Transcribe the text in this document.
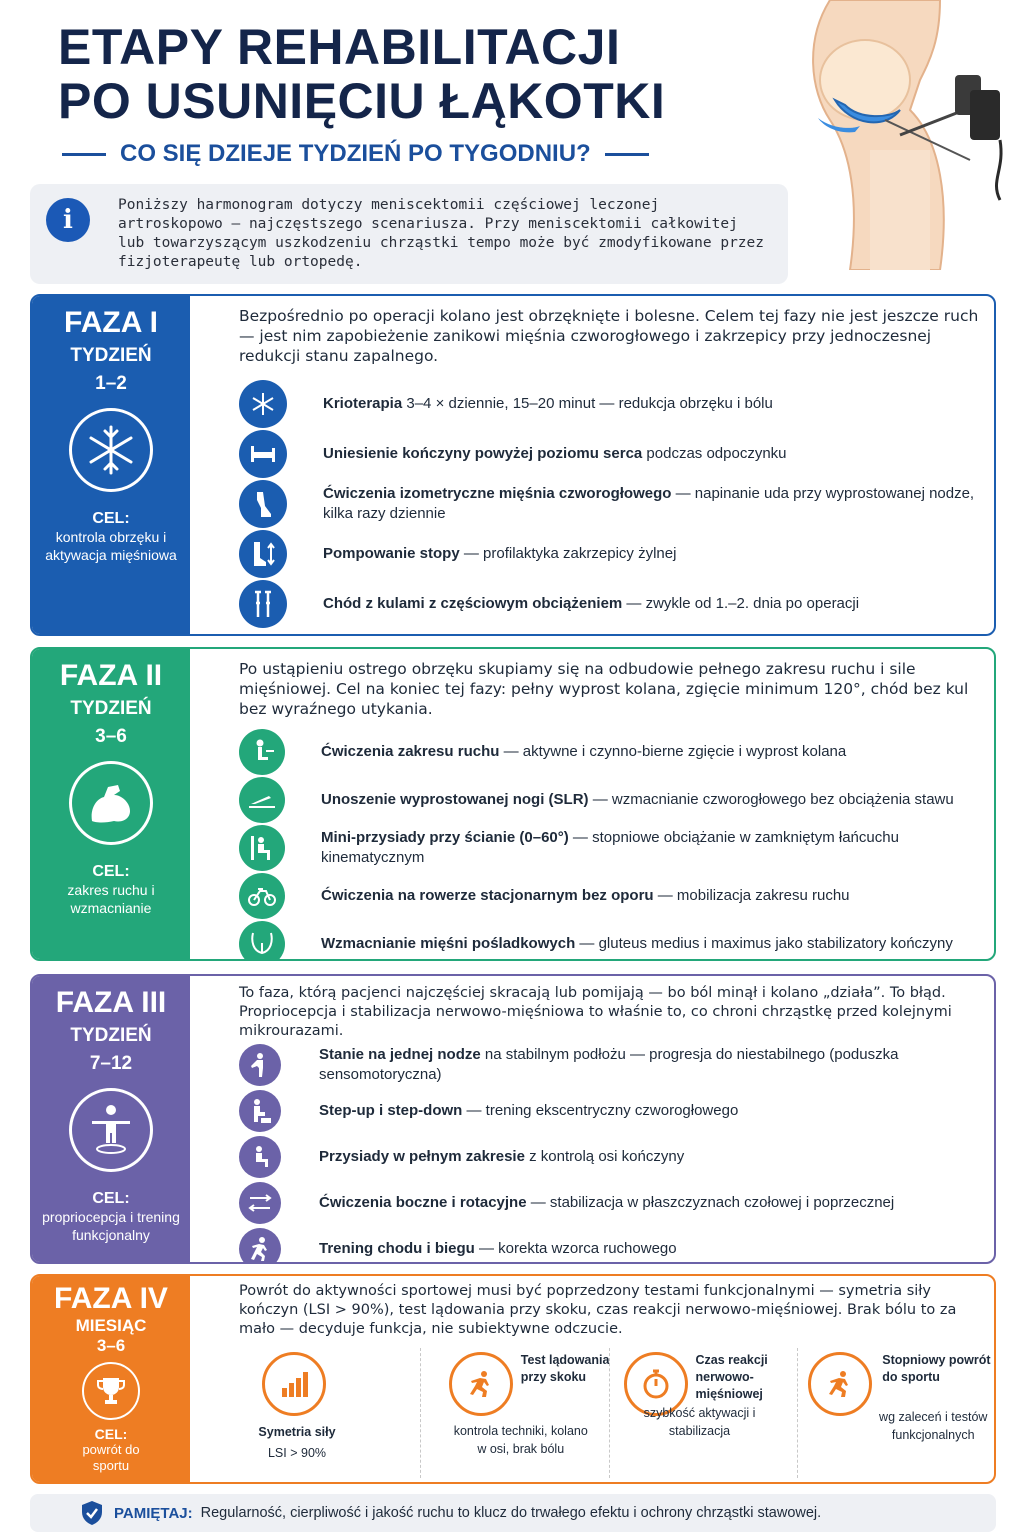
ETAPY REHABILITACJI
PO USUNIĘCIU ŁĄKOTKI
CO SIĘ DZIEJE TYDZIEŃ PO TYGODNIU?
i	Poniższy harmonogram dotyczy meniscektomii częściowej leczonej artroskopowo — najczęstszego scenariusza. Przy meniscektomii całkowitej lub towarzyszącym uszkodzeniu chrząstki tempo może być zmodyfikowane przez fizjoterapeutę lub ortopedę.
FAZA I
TYDZIEŃ
1–2
CEL:
kontrola obrzęku i aktywacja mięśniowa
Bezpośrednio po operacji kolano jest obrzęknięte i bolesne. Celem tej fazy nie jest jeszcze ruch — jest nim zapobieżenie zanikowi mięśnia czworogłowego i zakrzepicy przy jednoczesnej redukcji stanu zapalnego.
Krioterapia 3–4 × dziennie, 15–20 minut — redukcja obrzęku i bólu
Uniesienie kończyny powyżej poziomu serca podczas odpoczynku
Ćwiczenia izometryczne mięśnia czworogłowego — napinanie uda przy wyprostowanej nodze, kilka razy dziennie
Pompowanie stopy — profilaktyka zakrzepicy żylnej
Chód z kulami z częściowym obciążeniem — zwykle od 1.–2. dnia po operacji
FAZA II
TYDZIEŃ
3–6
CEL:
zakres ruchu i wzmacnianie
Po ustąpieniu ostrego obrzęku skupiamy się na odbudowie pełnego zakresu ruchu i sile mięśniowej. Cel na koniec tej fazy: pełny wyprost kolana, zgięcie minimum 120°, chód bez kul bez wyraźnego utykania.
Ćwiczenia zakresu ruchu — aktywne i czynno-bierne zgięcie i wyprost kolana
Unoszenie wyprostowanej nogi (SLR) — wzmacnianie czworogłowego bez obciążenia stawu
Mini-przysiady przy ścianie (0–60°) — stopniowe obciążanie w zamkniętym łańcuchu kinematycznym
Ćwiczenia na rowerze stacjonarnym bez oporu — mobilizacja zakresu ruchu
Wzmacnianie mięśni pośladkowych — gluteus medius i maximus jako stabilizatory kończyny
FAZA III
TYDZIEŃ
7–12
CEL:
propriocepcja i trening funkcjonalny
To faza, którą pacjenci najczęściej skracają lub pomijają — bo ból minął i kolano „działa”. To błąd. Propriocepcja i stabilizacja nerwowo-mięśniowa to właśnie to, co chroni chrząstkę przed kolejnymi mikrourazami.
Stanie na jednej nodze na stabilnym podłożu — progresja do niestabilnego (poduszka sensomotoryczna)
Step-up i step-down — trening ekscentryczny czworogłowego
Przysiady w pełnym zakresie z kontrolą osi kończyny
Ćwiczenia boczne i rotacyjne — stabilizacja w płaszczyznach czołowej i poprzecznej
Trening chodu i biegu — korekta wzorca ruchowego
FAZA IV
MIESIĄC
3–6
CEL:
powrót do sportu
Powrót do aktywności sportowej musi być poprzedzony testami funkcjonalnymi — symetria siły kończyn (LSI > 90%), test lądowania przy skoku, czas reakcji nerwowo-mięśniowej. Brak bólu to za mało — decyduje funkcja, nie subiektywne odczucie.
Symetria siły
LSI > 90%
Test lądowania przy skoku
kontrola techniki, kolano w osi, brak bólu
Czas reakcji nerwowo-mięśniowej
szybkość aktywacji i stabilizacja
Stopniowy powrót do sportu
wg zaleceń i testów funkcjonalnych
PAMIĘTAJ: Regularność, cierpliwość i jakość ruchu to klucz do trwałego efektu i ochrony chrząstki stawowej.
